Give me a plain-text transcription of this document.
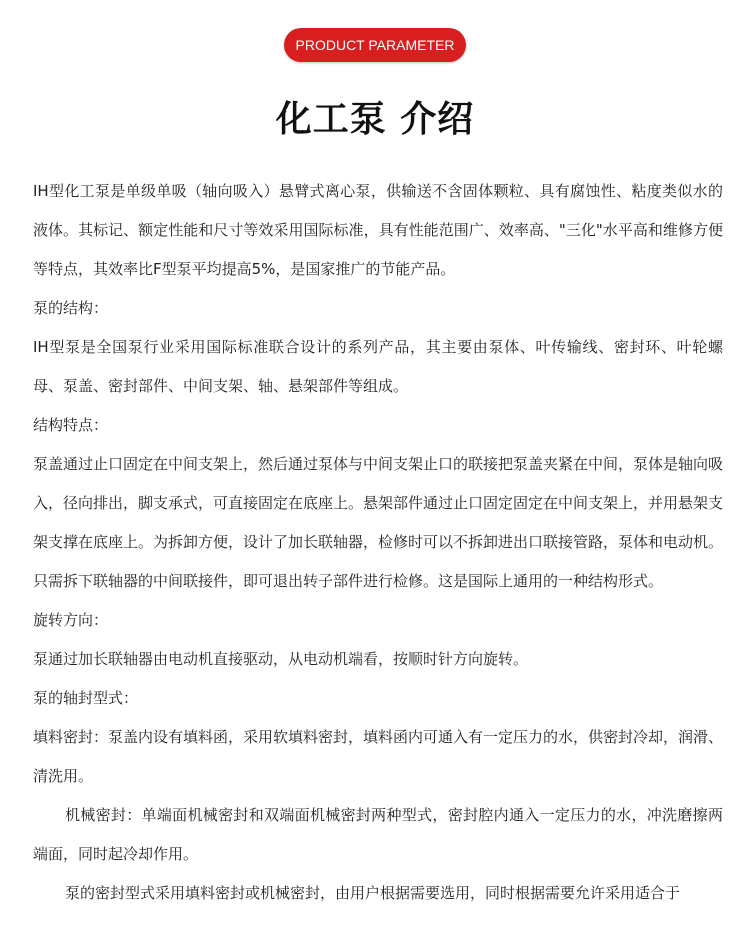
PRODUCT PARAMETER
化工泵 介绍

IH型化工泵是单级单吸（轴向吸入）悬臂式离心泵，供输送不含固体颗粒、具有腐蚀性、粘度类似水的液体。其标记、额定性能和尺寸等效采用国际标准，具有性能范围广、效率高、"三化"水平高和维修方便等特点，其效率比F型泵平均提高5%，是国家推广的节能产品。

泵的结构：

IH型泵是全国泵行业采用国际标准联合设计的系列产品，其主要由泵体、叶传输线、密封环、叶轮螺母、泵盖、密封部件、中间支架、轴、悬架部件等组成。

结构特点：

泵盖通过止口固定在中间支架上，然后通过泵体与中间支架止口的联接把泵盖夹紧在中间，泵体是轴向吸入，径向排出，脚支承式，可直接固定在底座上。悬架部件通过止口固定固定在中间支架上，并用悬架支架支撑在底座上。为拆卸方便，设计了加长联轴器，检修时可以不拆卸进出口联接管路，泵体和电动机。只需拆下联轴器的中间联接件，即可退出转子部件进行检修。这是国际上通用的一种结构形式。

旋转方向：

泵通过加长联轴器由电动机直接驱动，从电动机端看，按顺时针方向旋转。

泵的轴封型式：

填料密封：泵盖内设有填料函，采用软填料密封，填料函内可通入有一定压力的水，供密封冷却，润滑、清洗用。

机械密封：单端面机械密封和双端面机械密封两种型式，密封腔内通入一定压力的水，冲洗磨擦两端面，同时起冷却作用。

泵的密封型式采用填料密封或机械密封，由用户根据需要选用，同时根据需要允许采用适合于
